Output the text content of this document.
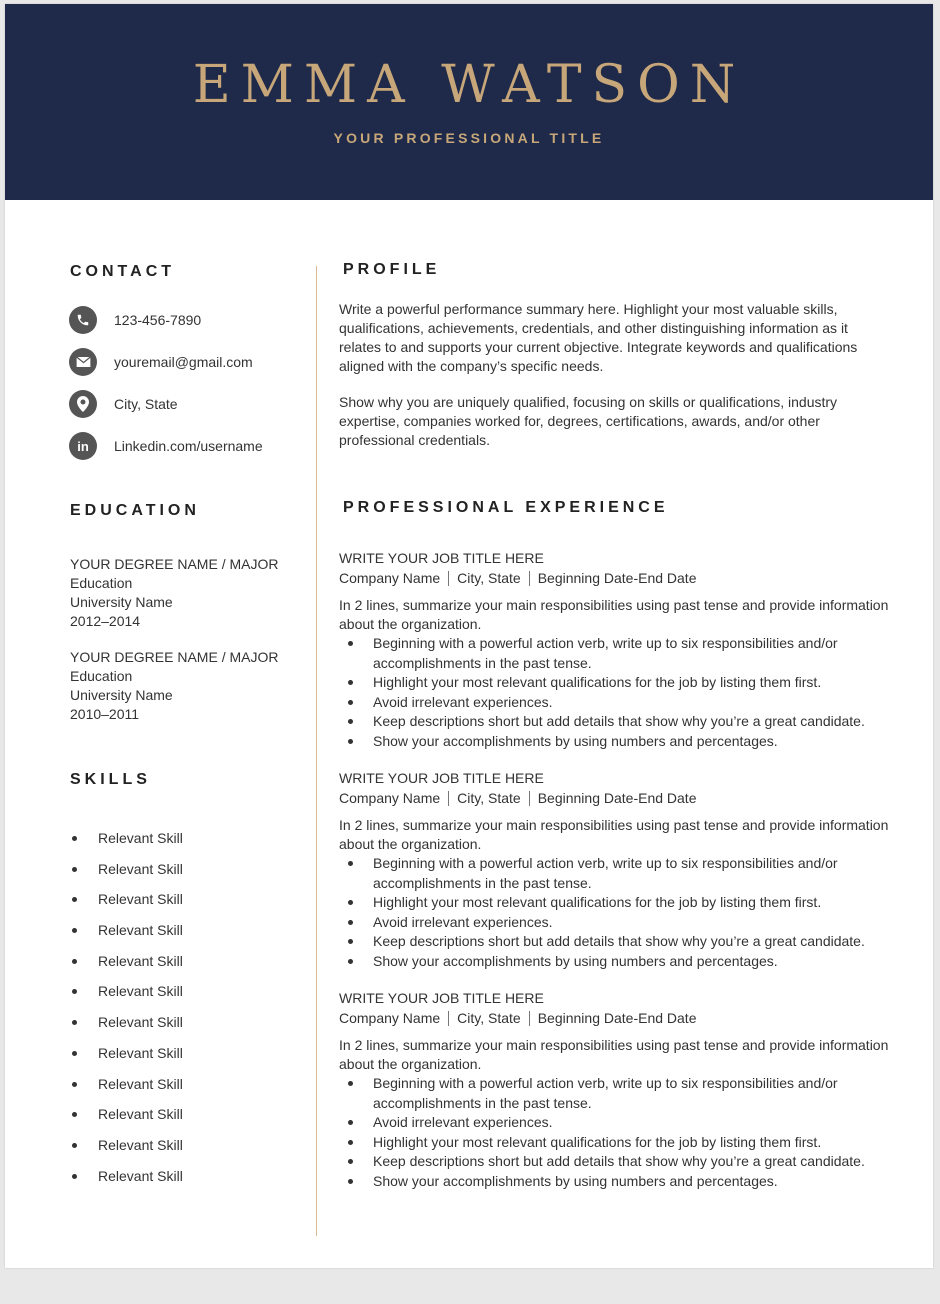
EMMA WATSON
YOUR PROFESSIONAL TITLE
CONTACT
123-456-7890
youremail@gmail.com
City, State
in	Linkedin.com/username
EDUCATION
YOUR DEGREE NAME / MAJOR
Education
University Name
2012–2014
YOUR DEGREE NAME / MAJOR
Education
University Name
2010–2011
SKILLS
Relevant Skill
Relevant Skill
Relevant Skill
Relevant Skill
Relevant Skill
Relevant Skill
Relevant Skill
Relevant Skill
Relevant Skill
Relevant Skill
Relevant Skill
Relevant Skill
PROFILE
Write a powerful performance summary here. Highlight your most valuable skills, qualifications, achievements, credentials, and other distinguishing information as it relates to and supports your current objective. Integrate keywords and qualifications aligned with the company’s specific needs.
Show why you are uniquely qualified, focusing on skills or qualifications, industry expertise, companies worked for, degrees, certifications, awards, and/or other professional credentials.
PROFESSIONAL EXPERIENCE
WRITE YOUR JOB TITLE HERE
Company Name City, State Beginning Date-End Date
In 2 lines, summarize your main responsibilities using past tense and provide information about the organization.
Beginning with a powerful action verb, write up to six responsibilities and/or accomplishments in the past tense.
Highlight your most relevant qualifications for the job by listing them first.
Avoid irrelevant experiences.
Keep descriptions short but add details that show why you’re a great candidate.
Show your accomplishments by using numbers and percentages.
WRITE YOUR JOB TITLE HERE
Company Name City, State Beginning Date-End Date
In 2 lines, summarize your main responsibilities using past tense and provide information about the organization.
Beginning with a powerful action verb, write up to six responsibilities and/or accomplishments in the past tense.
Highlight your most relevant qualifications for the job by listing them first.
Avoid irrelevant experiences.
Keep descriptions short but add details that show why you’re a great candidate.
Show your accomplishments by using numbers and percentages.
WRITE YOUR JOB TITLE HERE
Company Name City, State Beginning Date-End Date
In 2 lines, summarize your main responsibilities using past tense and provide information about the organization.
Beginning with a powerful action verb, write up to six responsibilities and/or accomplishments in the past tense.
Avoid irrelevant experiences.
Highlight your most relevant qualifications for the job by listing them first.
Keep descriptions short but add details that show why you’re a great candidate.
Show your accomplishments by using numbers and percentages.
